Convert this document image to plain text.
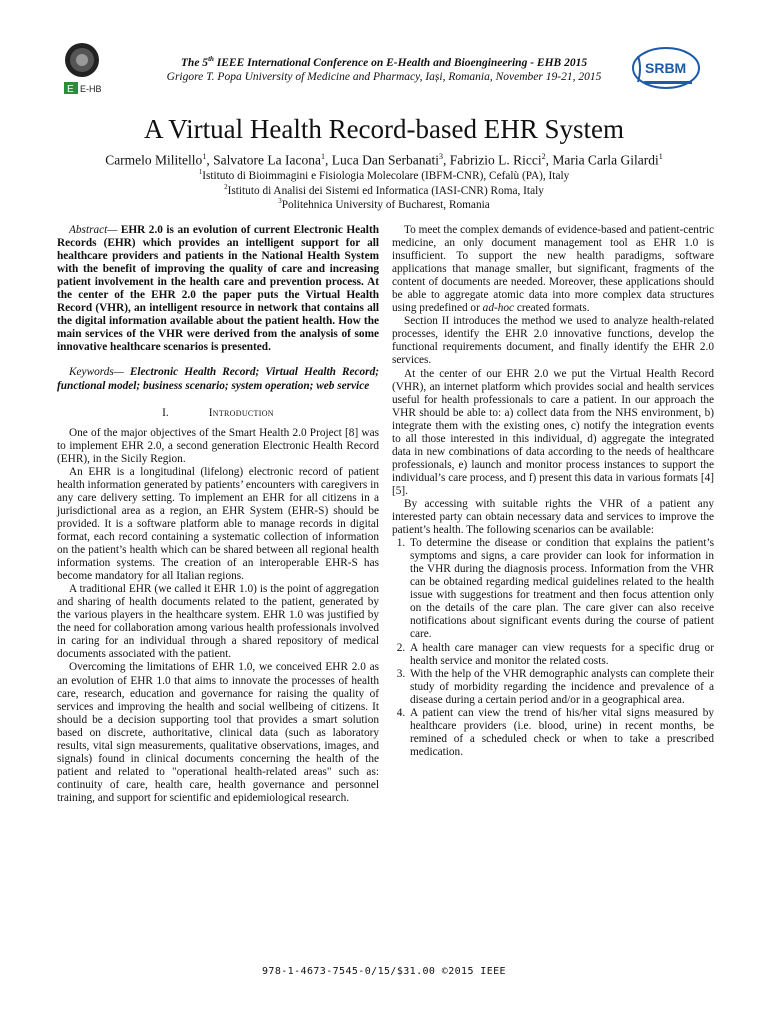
E E-HB
SRBM
The 5th IEEE International Conference on E-Health and Bioengineering - EHB 2015
Grigore T. Popa University of Medicine and Pharmacy, Iași, Romania, November 19-21, 2015
A Virtual Health Record-based EHR System
Carmelo Militello$^1$, Salvatore La Iacona$^1$, Luca Dan Serbanati$^3$, Fabrizio L. Ricci$^2$, Maria Carla Gilardi$^1$
$^1$Istituto di Bioimmagini e Fisiologia Molecolare (IBFM-CNR), Cefalù (PA), Italy
$^2$Istituto di Analisi dei Sistemi ed Informatica (IASI-CNR) Roma, Italy
$^3$Politehnica University of Bucharest, Romania

Abstract— EHR 2.0 is an evolution of current Electronic Health Records (EHR) which provides an intelligent support for all healthcare providers and patients in the National Health System with the benefit of improving the quality of care and increasing patient involvement in the health care and prevention process. At the center of the EHR 2.0 the paper puts the Virtual Health Record (VHR), an intelligent resource in network that contains all the digital information available about the patient health. How the main services of the VHR were derived from the analysis of some innovative healthcare scenarios is presented.

Keywords— Electronic Health Record; Virtual Health Record; functional model; business scenario; system operation; web service

I.	Introduction

One of the major objectives of the Smart Health 2.0 Project [8] was to implement EHR 2.0, a second generation Electronic Health Record (EHR), in the Sicily Region.

An EHR is a longitudinal (lifelong) electronic record of patient health information generated by patients’ encounters with caregivers in any care delivery setting. To implement an EHR for all citizens in a jurisdictional area as a region, an EHR System (EHR-S) should be provided. It is a software platform able to manage records in digital format, each record containing a systematic collection of information on the patient’s health which can be shared between all regional health information systems. The creation of an interoperable EHR-S has become mandatory for all Italian regions.

A traditional EHR (we called it EHR 1.0) is the point of aggregation and sharing of health documents related to the patient, generated by the various players in the healthcare system. EHR 1.0 was justified by the need for collaboration among various health professionals involved in caring for an individual through a shared repository of medical documents associated with the patient.

Overcoming the limitations of EHR 1.0, we conceived EHR 2.0 as an evolution of EHR 1.0 that aims to innovate the processes of health care, research, education and governance for raising the quality of services and improving the health and social wellbeing of citizens. It should be a decision supporting tool that provides a smart solution based on discrete, authoritative, clinical data (such as laboratory results, vital sign measurements, qualitative observations, images, and signals) found in clinical documents concerning the health of the patient and related to "operational health-related areas" such as: continuity of care, health care, health governance and personnel training, and support for scientific and epidemiological research.

To meet the complex demands of evidence-based and patient-centric medicine, an only document management tool as EHR 1.0 is insufficient. To support the new health paradigms, software applications that manage smaller, but significant, fragments of the content of documents are needed. Moreover, these applications should be able to aggregate atomic data into more complex data structures using predefined or ad-hoc created formats.

Section II introduces the method we used to analyze health-related processes, identify the EHR 2.0 innovative functions, develop the functional requirements document, and finally identify the EHR 2.0 services.

At the center of our EHR 2.0 we put the Virtual Health Record (VHR), an internet platform which provides social and health services useful for health professionals to care a patient. In our approach the VHR should be able to: a) collect data from the NHS environment, b) integrate them with the existing ones, c) notify the integration events to all those interested in this individual, d) aggregate the integrated data in new combinations of data according to the needs of healthcare professionals, e) launch and monitor process instances to support the individual’s care process, and f) present this data in various formats [4][5].

By accessing with suitable rights the VHR of a patient any interested party can obtain necessary data and services to improve the patient’s health. The following scenarios can be available:

1. To determine the disease or condition that explains the patient’s symptoms and signs, a care provider can look for information in the VHR during the diagnosis process. Information from the VHR can be obtained regarding medical guidelines related to the health issue with suggestions for treatment and then focus attention only on the details of the care plan. The care giver can also receive notifications about significant events during the course of patient care.
2. A health care manager can view requests for a specific drug or health service and monitor the related costs.
3. With the help of the VHR demographic analysts can complete their study of morbidity regarding the incidence and prevalence of a disease during a certain period and/or in a geographical area.
4. A patient can view the trend of his/her vital signs measured by healthcare providers (i.e. blood, urine) in recent months, be remined of a scheduled check or when to take a prescribed medication.
978-1-4673-7545-0/15/$31.00 ©2015 IEEE
